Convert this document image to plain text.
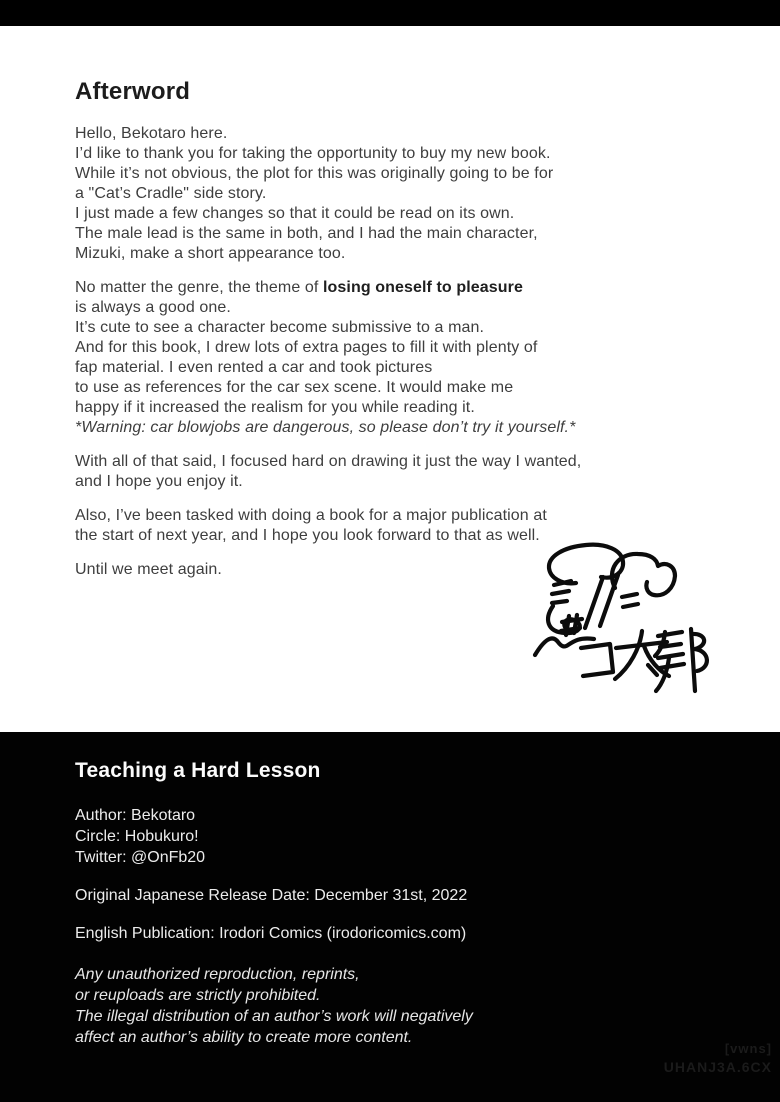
Afterword
Hello, Bekotaro here.
I’d like to thank you for taking the opportunity to buy my new book.
While it’s not obvious, the plot for this was originally going to be for
a "Cat’s Cradle" side story.
I just made a few changes so that it could be read on its own.
The male lead is the same in both, and I had the main character,
Mizuki, make a short appearance too.
No matter the genre, the theme of losing oneself to pleasure
is always a good one.
It’s cute to see a character become submissive to a man.
And for this book, I drew lots of extra pages to fill it with plenty of
fap material. I even rented a car and took pictures
to use as references for the car sex scene. It would make me
happy if it increased the realism for you while reading it.
*Warning: car blowjobs are dangerous, so please don’t try it yourself.*
With all of that said, I focused hard on drawing it just the way I wanted,
and I hope you enjoy it.
Also, I’ve been tasked with doing a book for a major publication at
the start of next year, and I hope you look forward to that as well.
Until we meet again.
Teaching a Hard Lesson
Author: Bekotaro
Circle: Hobukuro!
Twitter: @OnFb20
Original Japanese Release Date: December 31st, 2022
English Publication: Irodori Comics (irodoricomics.com)
Any unauthorized reproduction, reprints,
or reuploads are strictly prohibited.
The illegal distribution of an author’s work will negatively
affect an author’s ability to create more content.
[vwns]
UHANJ3A.6CX
